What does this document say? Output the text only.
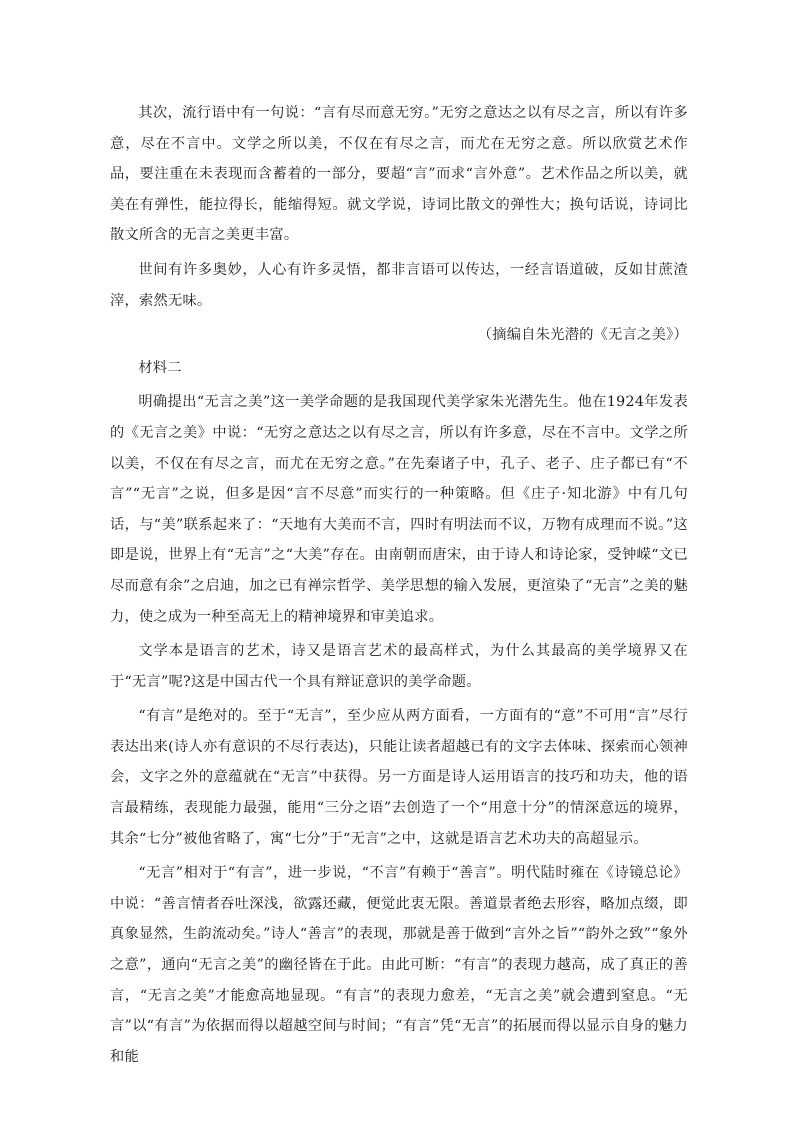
其次，流行语中有一句说：“言有尽而意无穷。”无穷之意达之以有尽之言，所以有许多意，尽在不言中。文学之所以美，不仅在有尽之言，而尤在无穷之意。所以欣赏艺术作品，要注重在未表现而含蓄着的一部分，要超“言”而求“言外意”。艺术作品之所以美，就美在有弹性，能拉得长，能缩得短。就文学说，诗词比散文的弹性大；换句话说，诗词比散文所含的无言之美更丰富。

世间有许多奥妙，人心有许多灵悟，都非言语可以传达，一经言语道破，反如甘蔗渣滓，索然无味。

（摘编自朱光潜的《无言之美》）

材料二

明确提出“无言之美”这一美学命题的是我国现代美学家朱光潜先生。他在1924年发表的《无言之美》中说：“无穷之意达之以有尽之言，所以有许多意，尽在不言中。文学之所以美，不仅在有尽之言，而尤在无穷之意。”在先秦诸子中，孔子、老子、庄子都已有“不言”“无言”之说，但多是因“言不尽意”而实行的一种策略。但《庄子·知北游》中有几句话，与“美”联系起来了：“天地有大美而不言，四时有明法而不议，万物有成理而不说。”这即是说，世界上有“无言”之“大美”存在。由南朝而唐宋，由于诗人和诗论家，受钟嵘“文已尽而意有余”之启迪，加之已有禅宗哲学、美学思想的输入发展，更渲染了“无言”之美的魅力，使之成为一种至高无上的精神境界和审美追求。

文学本是语言的艺术，诗又是语言艺术的最高样式，为什么其最高的美学境界又在于“无言”呢?这是中国古代一个具有辩证意识的美学命题。

“有言”是绝对的。至于“无言”，至少应从两方面看，一方面有的“意”不可用“言”尽行表达出来(诗人亦有意识的不尽行表达)，只能让读者超越已有的文字去体味、探索而心领神会，文字之外的意蕴就在“无言”中获得。另一方面是诗人运用语言的技巧和功夫，他的语言最精练，表现能力最强，能用“三分之语”去创造了一个“用意十分”的情深意远的境界，其余“七分”被他省略了，寓“七分”于“无言”之中，这就是语言艺术功夫的高超显示。

“无言”相对于“有言”，进一步说，“不言”有赖于“善言”。明代陆时雍在《诗镜总论》中说：“善言情者吞吐深浅，欲露还藏，便觉此衷无限。善道景者绝去形容，略加点缀，即真象显然，生韵流动矣。”诗人“善言”的表现，那就是善于做到“言外之旨”“韵外之致”“象外之意”，通向“无言之美”的幽径皆在于此。由此可断：“有言”的表现力越高，成了真正的善言，“无言之美”才能愈高地显现。“有言”的表现力愈差，“无言之美”就会遭到窒息。“无言”以“有言”为依据而得以超越空间与时间；“有言”凭“无言”的拓展而得以显示自身的魅力和能
